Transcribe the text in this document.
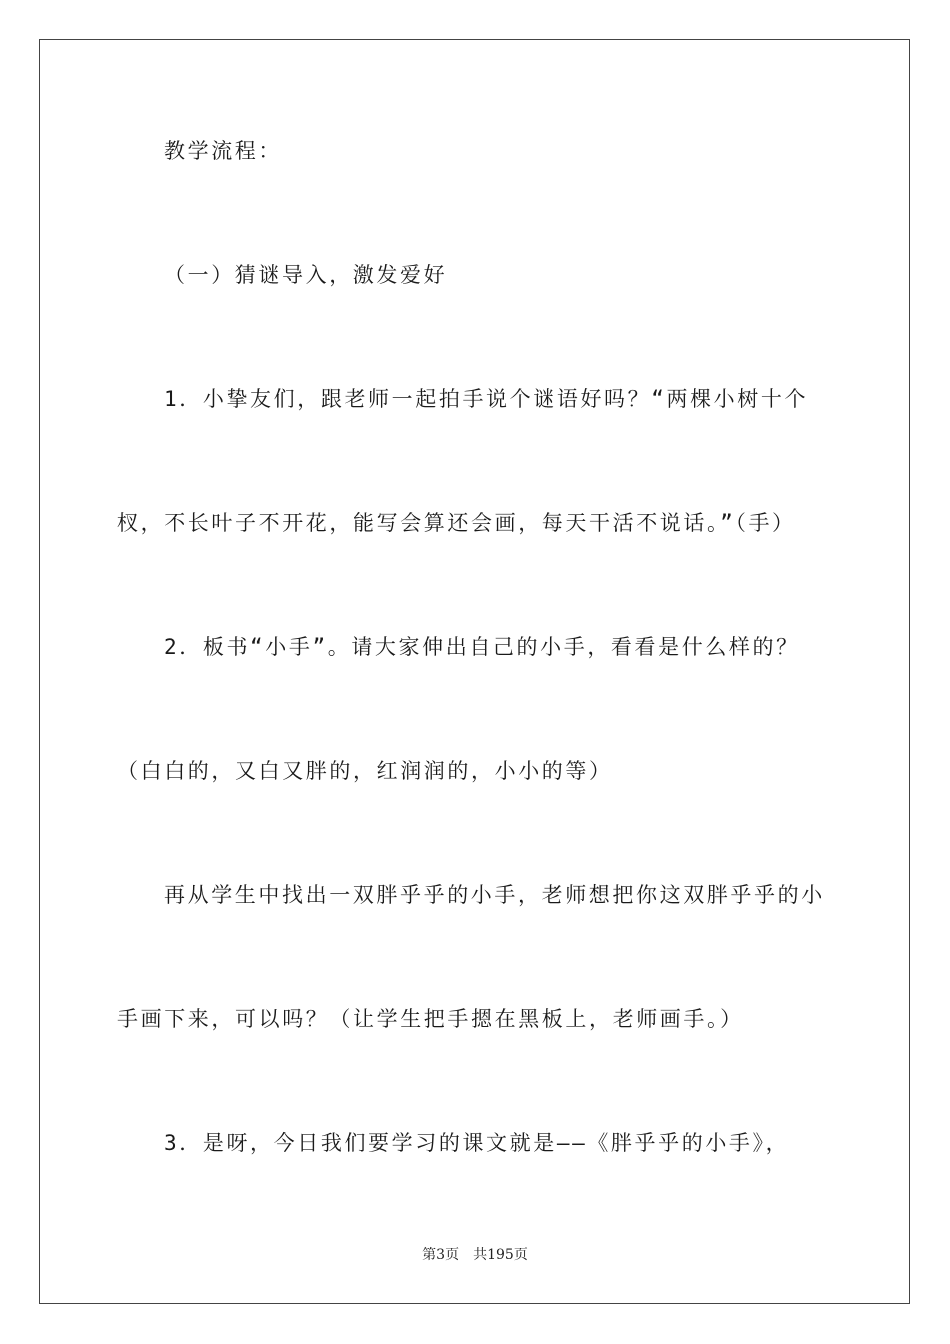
教学流程：
（一）猜谜导入，激发爱好
1．小挚友们，跟老师一起拍手说个谜语好吗？“两棵小树十个
杈，不长叶子不开花，能写会算还会画，每天干活不说话。”（手）
2．板书“小手”。请大家伸出自己的小手，看看是什么样的？
（白白的，又白又胖的，红润润的，小小的等）
再从学生中找出一双胖乎乎的小手，老师想把你这双胖乎乎的小
手画下来，可以吗？（让学生把手摁在黑板上，老师画手。）
3．是呀，今日我们要学习的课文就是——《胖乎乎的小手》，
第3页 共195页
